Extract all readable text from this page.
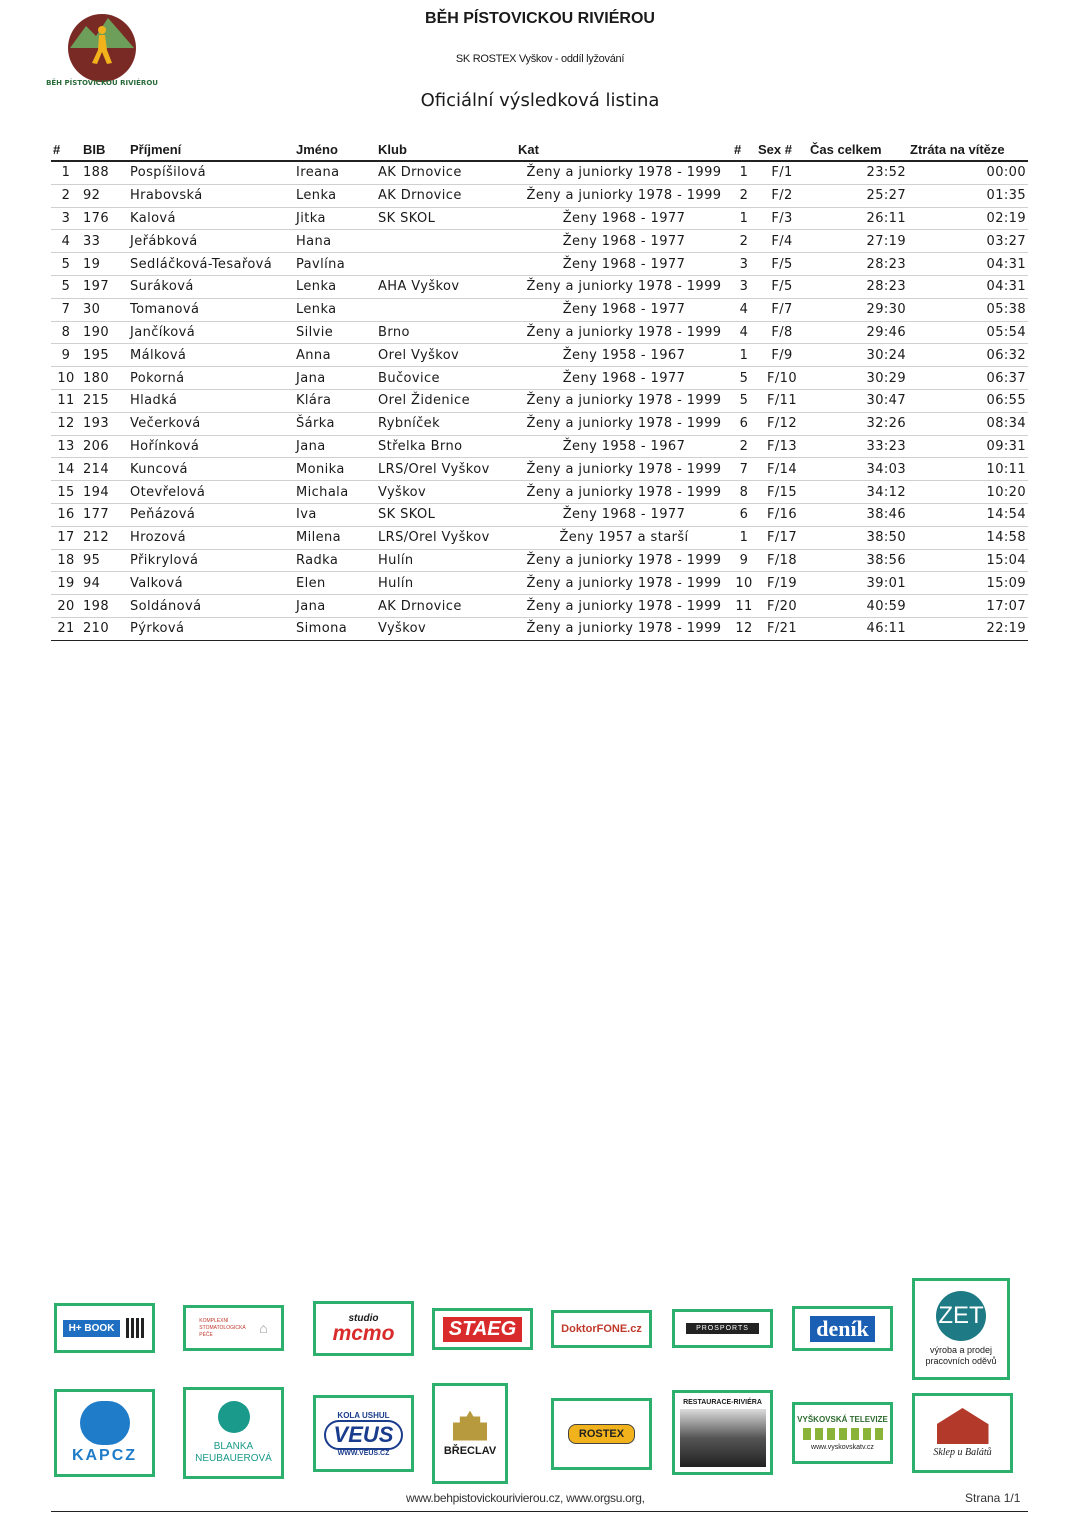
BĚH PÍSTOVICKOU RIVIÉROU
BĚH PÍSTOVICKOU RIVIÉROU
SK ROSTEX Vyškov - oddíl lyžování
Oficiální výsledková listina
#	BIB	Příjmení	Jméno	Klub	Kat	#	Sex #	Čas celkem	Ztráta na vítěze
1	188	Pospíšilová	Ireana	AK Drnovice	Ženy a juniorky 1978 - 1999	1	F/1	23:52	00:00
2	92	Hrabovská	Lenka	AK Drnovice	Ženy a juniorky 1978 - 1999	2	F/2	25:27	01:35
3	176	Kalová	Jitka	SK SKOL	Ženy 1968 - 1977	1	F/3	26:11	02:19
4	33	Jeřábková	Hana		Ženy 1968 - 1977	2	F/4	27:19	03:27
5	19	Sedláčková-Tesařová	Pavlína		Ženy 1968 - 1977	3	F/5	28:23	04:31
5	197	Suráková	Lenka	AHA Vyškov	Ženy a juniorky 1978 - 1999	3	F/5	28:23	04:31
7	30	Tomanová	Lenka		Ženy 1968 - 1977	4	F/7	29:30	05:38
8	190	Jančíková	Silvie	Brno	Ženy a juniorky 1978 - 1999	4	F/8	29:46	05:54
9	195	Málková	Anna	Orel Vyškov	Ženy 1958 - 1967	1	F/9	30:24	06:32
10	180	Pokorná	Jana	Bučovice	Ženy 1968 - 1977	5	F/10	30:29	06:37
11	215	Hladká	Klára	Orel Židenice	Ženy a juniorky 1978 - 1999	5	F/11	30:47	06:55
12	193	Večerková	Šárka	Rybníček	Ženy a juniorky 1978 - 1999	6	F/12	32:26	08:34
13	206	Hořínková	Jana	Střelka Brno	Ženy 1958 - 1967	2	F/13	33:23	09:31
14	214	Kuncová	Monika	LRS/Orel Vyškov	Ženy a juniorky 1978 - 1999	7	F/14	34:03	10:11
15	194	Otevřelová	Michala	Vyškov	Ženy a juniorky 1978 - 1999	8	F/15	34:12	10:20
16	177	Peňázová	Iva	SK SKOL	Ženy 1968 - 1977	6	F/16	38:46	14:54
17	212	Hrozová	Milena	LRS/Orel Vyškov	Ženy 1957 a starší	1	F/17	38:50	14:58
18	95	Přikrylová	Radka	Hulín	Ženy a juniorky 1978 - 1999	9	F/18	38:56	15:04
19	94	Valková	Elen	Hulín	Ženy a juniorky 1978 - 1999	10	F/19	39:01	15:09
20	198	Soldánová	Jana	AK Drnovice	Ženy a juniorky 1978 - 1999	11	F/20	40:59	17:07
21	210	Pýrková	Simona	Vyškov	Ženy a juniorky 1978 - 1999	12	F/21	46:11	22:19
H+ BOOK
KOMPLEXNÍ STOMATOLOGICKÁ PÉČE	⌂
studio
mcmo	STAEG	DoktorFONE.cz	PROSPORTS	deník	ZET
výroba a prodej pracovních oděvů
KAPCZ
BLANKA NEUBAUEROVÁ
KOLA USHUL
VEUS
WWW.VEUS.CZ	BŘECLAV
ROSTEX
RESTAURACE-RIVIÉRA
VYŠKOVSKÁ TELEVIZE
www.vyskovskatv.cz	Sklep u Balátů
www.behpistovickourivierou.cz, www.orgsu.org,	Strana 1/1
